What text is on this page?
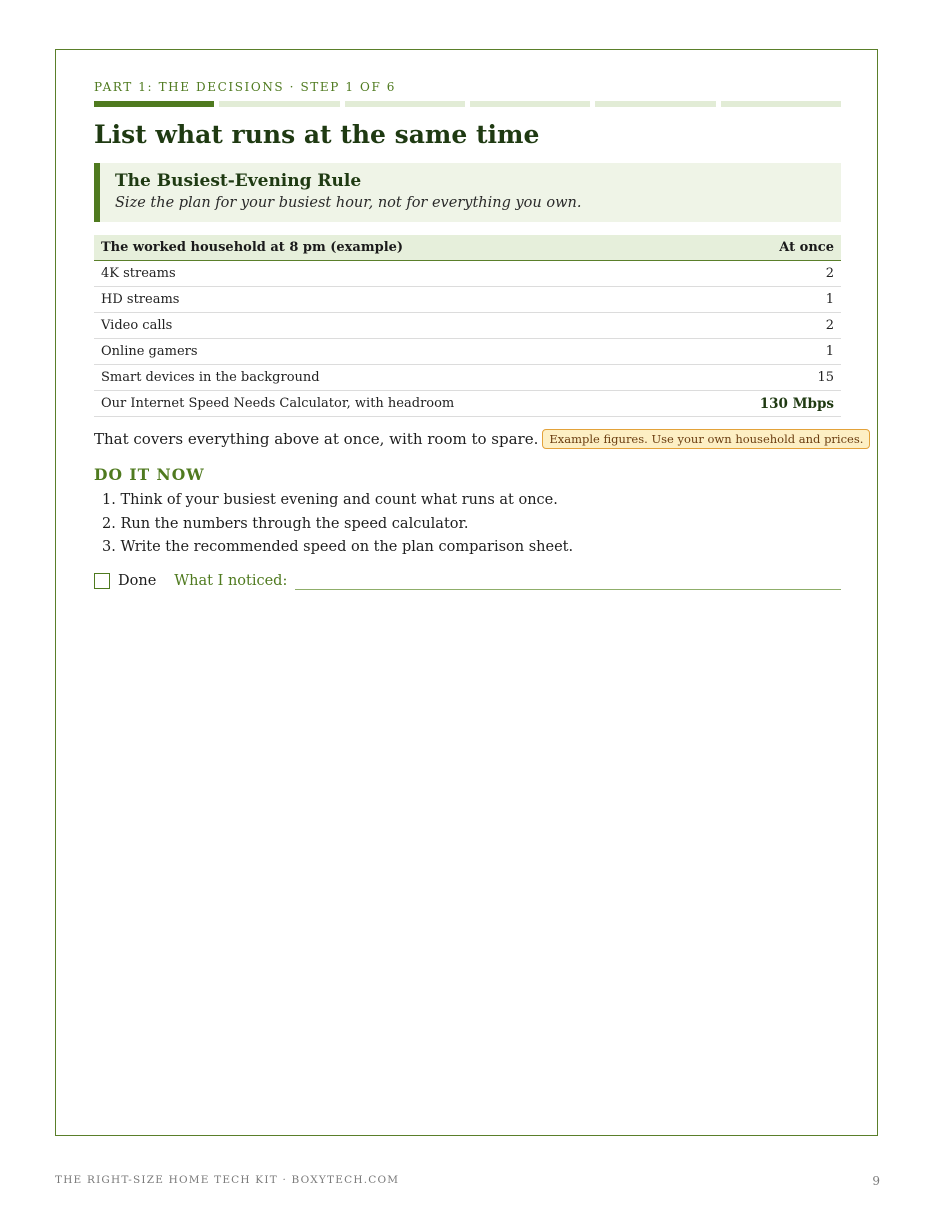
PART 1: THE DECISIONS · STEP 1 OF 6
List what runs at the same time
The Busiest-Evening Rule
Size the plan for your busiest hour, not for everything you own.
The worked household at 8 pm (example)	At once
4K streams	2
HD streams	1
Video calls	2
Online gamers	1
Smart devices in the background	15
Our Internet Speed Needs Calculator, with headroom	130 Mbps
That covers everything above at once, with room to spare. Example figures. Use your own household and prices.
DO IT NOW
1. Think of your busiest evening and count what runs at once.
2. Run the numbers through the speed calculator.
3. Write the recommended speed on the plan comparison sheet.
Done What I noticed:
THE RIGHT-SIZE HOME TECH KIT · BOXYTECH.COM	9
